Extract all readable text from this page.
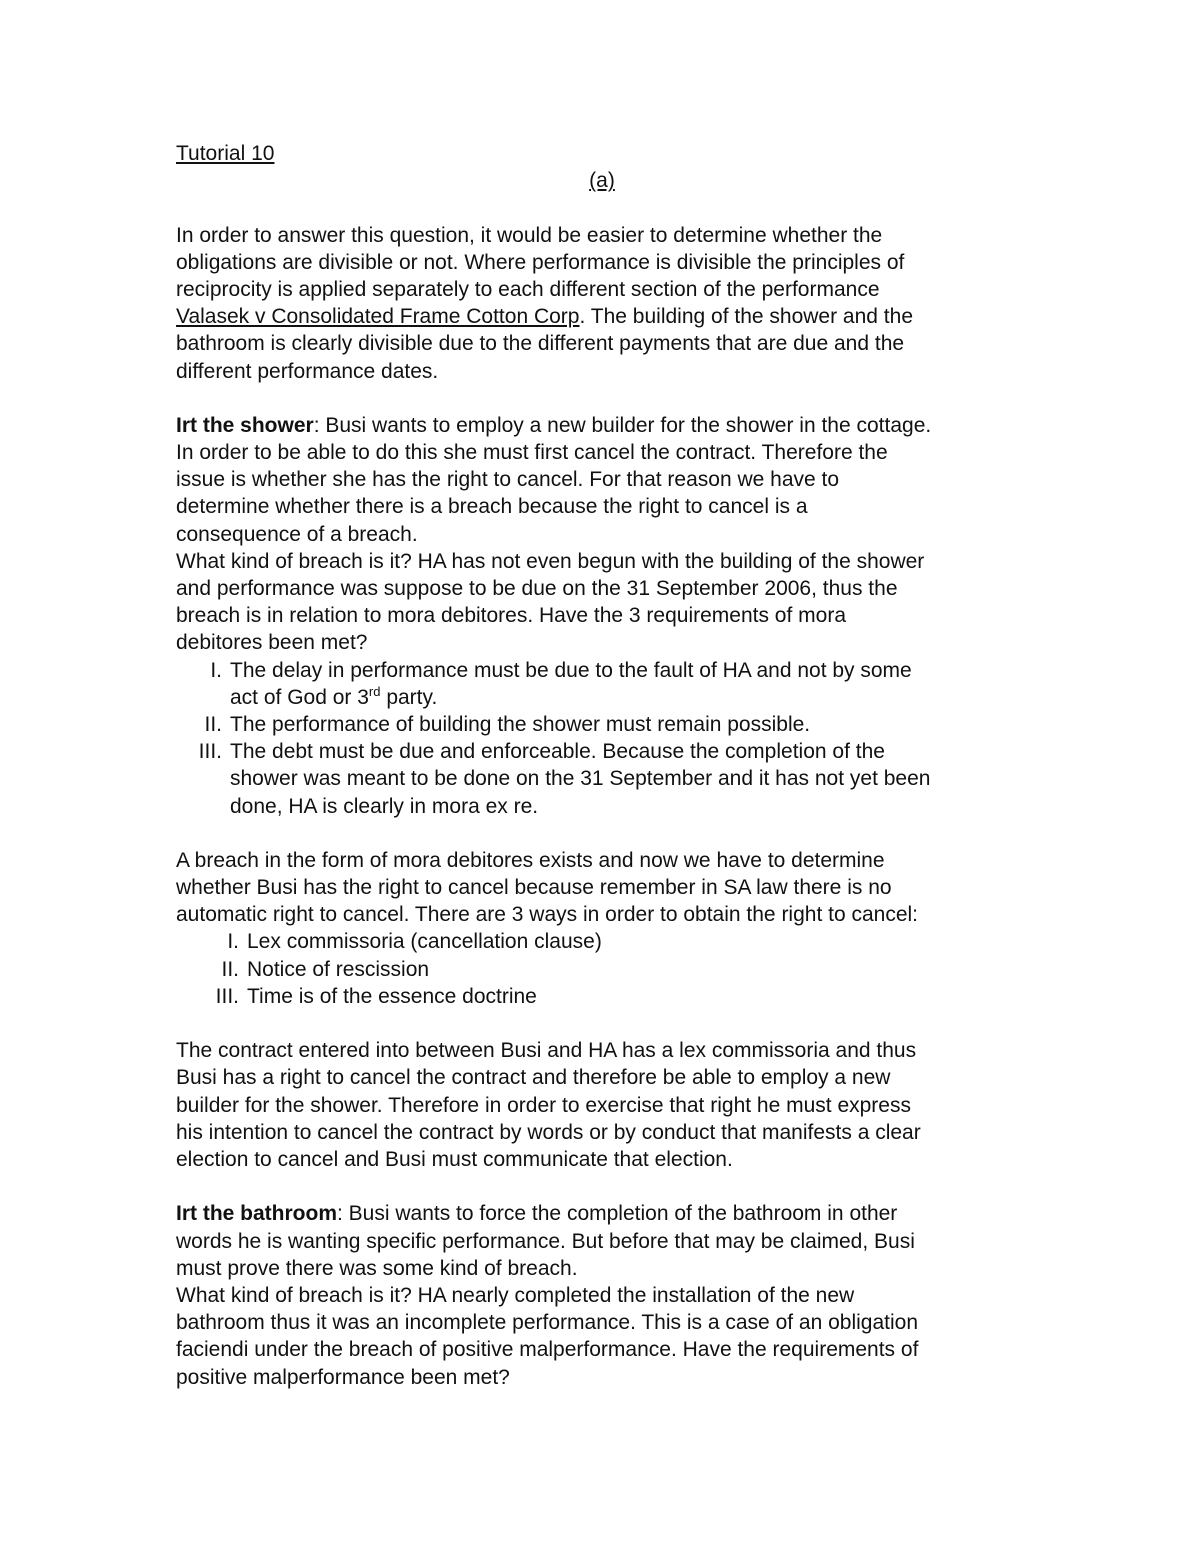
Tutorial 10
(a)
In order to answer this question, it would be easier to determine whether the
obligations are divisible or not. Where performance is divisible the principles of
reciprocity is applied separately to each different section of the performance
Valasek v Consolidated Frame Cotton Corp. The building of the shower and the
bathroom is clearly divisible due to the different payments that are due and the
different performance dates.
Irt the shower: Busi wants to employ a new builder for the shower in the cottage.
In order to be able to do this she must first cancel the contract. Therefore the
issue is whether she has the right to cancel. For that reason we have to
determine whether there is a breach because the right to cancel is a
consequence of a breach.
What kind of breach is it? HA has not even begun with the building of the shower
and performance was suppose to be due on the 31 September 2006, thus the
breach is in relation to mora debitores. Have the 3 requirements of mora
debitores been met?
I. The delay in performance must be due to the fault of HA and not by some
act of God or 3rd party.
II. The performance of building the shower must remain possible.
III. The debt must be due and enforceable. Because the completion of the
shower was meant to be done on the 31 September and it has not yet been
done, HA is clearly in mora ex re.
A breach in the form of mora debitores exists and now we have to determine
whether Busi has the right to cancel because remember in SA law there is no
automatic right to cancel. There are 3 ways in order to obtain the right to cancel:
I. Lex commissoria (cancellation clause)
II. Notice of rescission
III. Time is of the essence doctrine
The contract entered into between Busi and HA has a lex commissoria and thus
Busi has a right to cancel the contract and therefore be able to employ a new
builder for the shower. Therefore in order to exercise that right he must express
his intention to cancel the contract by words or by conduct that manifests a clear
election to cancel and Busi must communicate that election.
Irt the bathroom: Busi wants to force the completion of the bathroom in other
words he is wanting specific performance. But before that may be claimed, Busi
must prove there was some kind of breach.
What kind of breach is it? HA nearly completed the installation of the new
bathroom thus it was an incomplete performance. This is a case of an obligation
faciendi under the breach of positive malperformance. Have the requirements of
positive malperformance been met?
